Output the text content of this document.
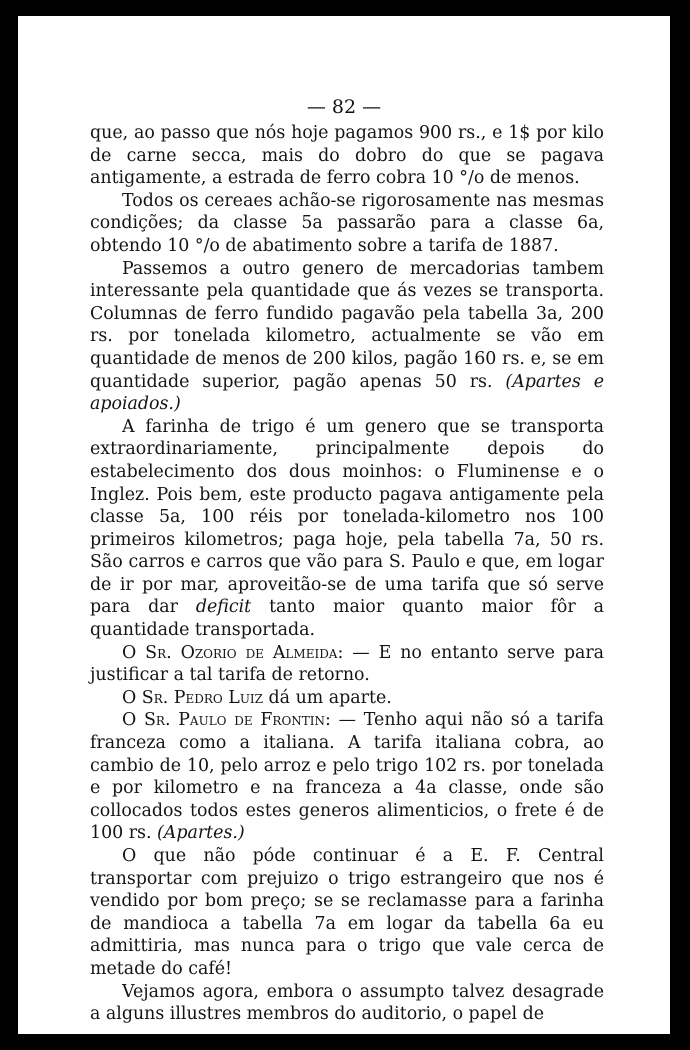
— 82 —

que, ao passo que nós hoje pagamos 900 rs., e 1$ por kilo de carne secca, mais do dobro do que se pagava antigamente, a estrada de ferro cobra 10 °/o de menos.

Todos os cereaes achão-se rigorosamente nas mesmas condições; da classe 5a passarão para a classe 6a, obtendo 10 °/o de abatimento sobre a tarifa de 1887.

Passemos a outro genero de mercadorias tambem interessante pela quantidade que ás vezes se transporta. Columnas de ferro fundido pagavão pela tabella 3a, 200 rs. por tonelada kilometro, actualmente se vão em quantidade de menos de 200 kilos, pagão 160 rs. e, se em quantidade superior, pagão apenas 50 rs. (Apartes e apoiados.)

A farinha de trigo é um genero que se transporta extraordinariamente, principalmente depois do estabelecimento dos dous moinhos: o Fluminense e o Inglez. Pois bem, este producto pagava antigamente pela classe 5a, 100 réis por tonelada-kilometro nos 100 primeiros kilometros; paga hoje, pela tabella 7a, 50 rs. São carros e carros que vão para S. Paulo e que, em logar de ir por mar, aproveitão-se de uma tarifa que só serve para dar deficit tanto maior quanto maior fôr a quantidade transportada.

O Sr. Ozorio de Almeida: — E no entanto serve para justificar a tal tarifa de retorno.

O Sr. Pedro Luiz dá um aparte.

O Sr. Paulo de Frontin: — Tenho aqui não só a tarifa franceza como a italiana. A tarifa italiana cobra, ao cambio de 10, pelo arroz e pelo trigo 102 rs. por tonelada e por kilometro e na franceza a 4a classe, onde são collocados todos estes generos alimenticios, o frete é de 100 rs. (Apartes.)

O que não póde continuar é a E. F. Central transportar com prejuizo o trigo estrangeiro que nos é vendido por bom preço; se se reclamasse para a farinha de mandioca a tabella 7a em logar da tabella 6a eu admittiria, mas nunca para o trigo que vale cerca de metade do café!

Vejamos agora, embora o assumpto talvez desagrade a alguns illustres membros do auditorio, o papel de
